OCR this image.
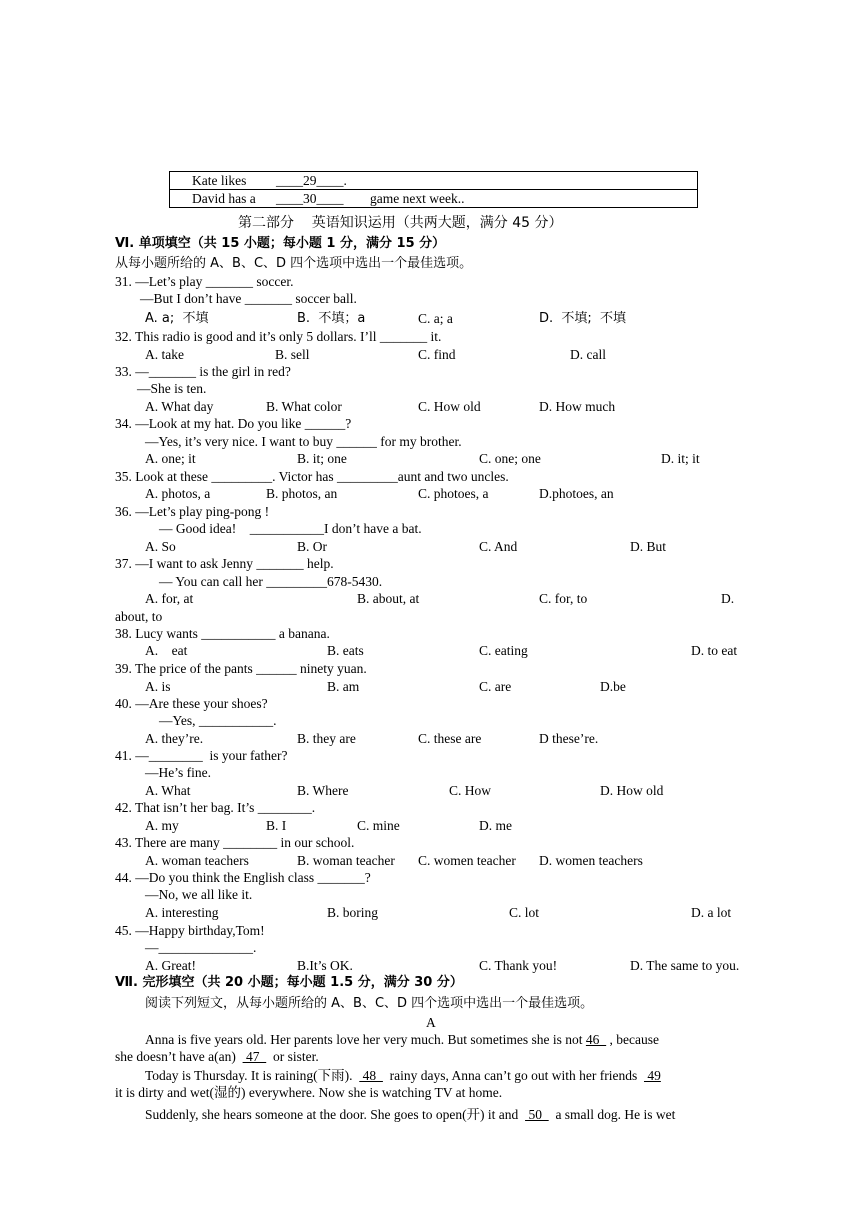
Kate likes ____29____.
David has a ____30____ game next week..
第二部分    英语知识运用（共两大题，满分 45 分）
Ⅵ. 单项填空（共 15 小题；每小题 1 分，满分 15 分）
从每小题所给的 A、B、C、D 四个选项中选出一个最佳选项。
31. —Let’s play _______ soccer.
—But I don’t have _______ soccer ball.
A. a;  不填	B.  不填；a	C. a; a	D.  不填;  不填
32. This radio is good and it’s only 5 dollars. I’ll _______ it.
A. take	B. sell	C. find	D. call
33. —_______ is the girl in red?
—She is ten.
A. What day	B. What color	C. How old	D. How much
34. —Look at my hat. Do you like ______?
—Yes, it’s very nice. I want to buy ______ for my brother.
A. one; it	B. it; one	C. one; one	D. it; it
35. Look at these _________. Victor has _________aunt and two uncles.
A. photos, a	B. photos, an	C. photoes, a	D.photoes, an
36. —Let’s play ping-pong !
— Good idea!    ___________I don’t have a bat.
A. So	B. Or	C. And	D. But
37. —I want to ask Jenny _______ help.
— You can call her _________678-5430.
A. for, at	B. about, at	C. for, to	D.
about, to
38. Lucy wants ___________ a banana.
A.    eat	B. eats	C. eating	D. to eat
39. The price of the pants ______ ninety yuan.
A. is	B. am	C. are	D.be
40. —Are these your shoes?
—Yes, ___________.
A. they’re.	B. they are	C. these are	D these’re.
41. —________  is your father?
—He’s fine.
A. What	B. Where	C. How	D. How old
42. That isn’t her bag. It’s ________.
A. my	B. I	C. mine	D. me
43. There are many ________ in our school.
A. woman teachers	B. woman teacher C. women teacher D. women teachers
44. —Do you think the English class _______?
—No, we all like it.
A. interesting	B. boring	C. lot	D. a lot
45. —Happy birthday,Tom!
—______________.
A. Great!	B.It’s OK.	C. Thank you!	D. The same to you.
Ⅶ. 完形填空（共 20 小题；每小题 1.5 分，满分 30 分）
阅读下列短文，从每小题所给的 A、B、C、D 四个选项中选出一个最佳选项。
A
Anna is five years old. Her parents love her very much. But sometimes she is not 46   , because
she doesn’t have a(an)   47    or sister.
Today is Thursday. It is raining(下雨).   48    rainy days, Anna can’t go out with her friends   49
it is dirty and wet(湿的) everywhere. Now she is watching TV at home.
Suddenly, she hears someone at the door. She goes to open(开) it and   50    a small dog. He is wet
